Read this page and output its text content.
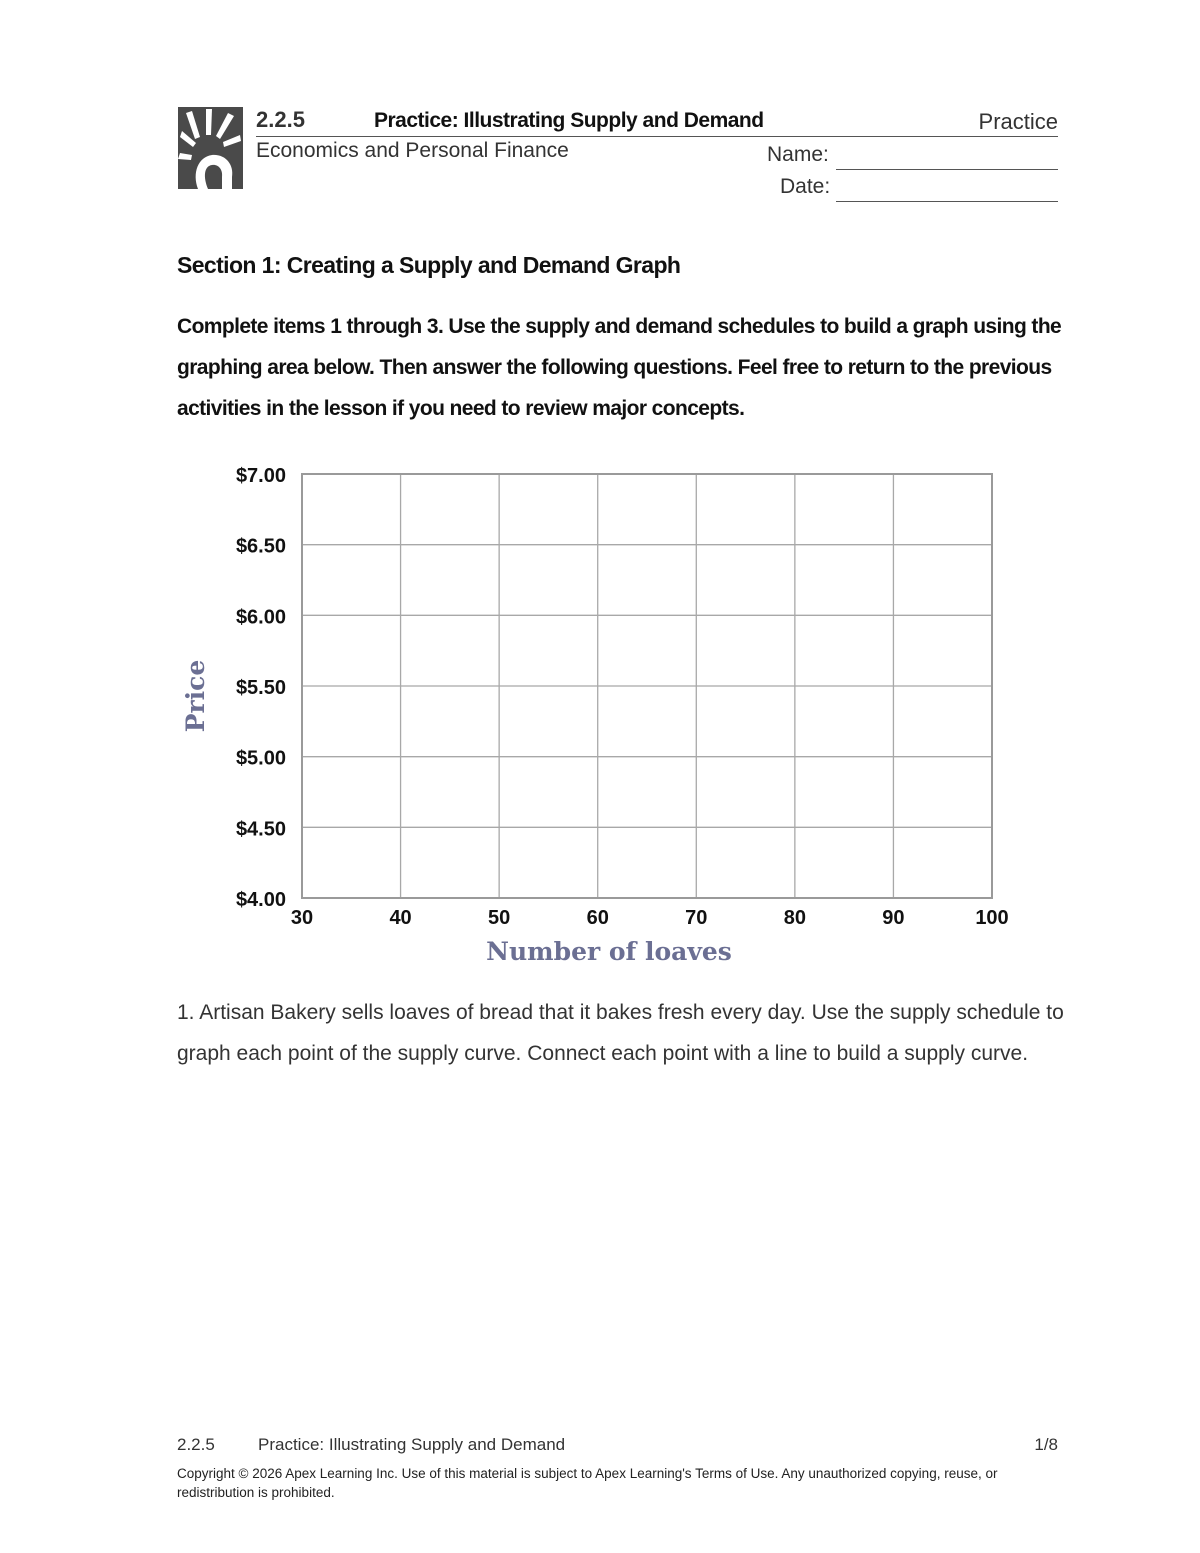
2.2.5	Practice: Illustrating Supply and Demand	Practice
Economics and Personal Finance	Name:
Date:
Section 1: Creating a Supply and Demand Graph
Complete items 1 through 3. Use the supply and demand schedules to build a graph using the graphing area below. Then answer the following questions. Feel free to return to the previous activities in the lesson if you need to review major concepts.
$7.00
$6.50
$6.00
$5.50
$5.00
$4.50
$4.00
30	40	50	60	70	80	90	100
Number of loaves
Price
1. Artisan Bakery sells loaves of bread that it bakes fresh every day. Use the supply schedule to graph each point of the supply curve. Connect each point with a line to build a supply curve.
2.2.5	Practice: Illustrating Supply and Demand	1/8
Copyright © 2026 Apex Learning Inc. Use of this material is subject to Apex Learning's Terms of Use. Any unauthorized copying, reuse, or redistribution is prohibited.
